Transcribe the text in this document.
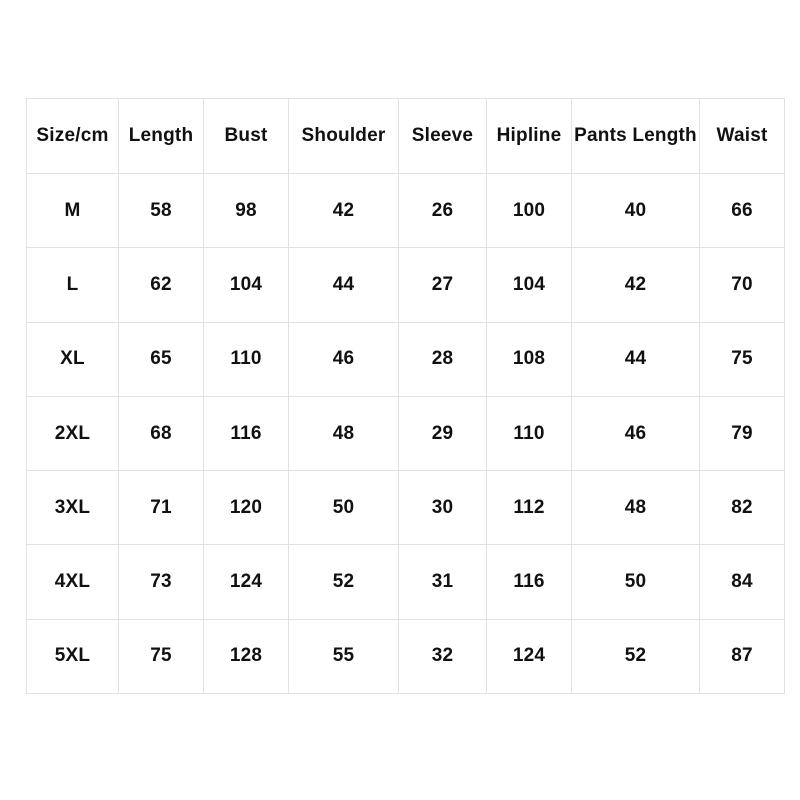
Size/cm	Length	Bust	Shoulder	Sleeve	Hipline	Pants Length	Waist
M	58	98	42	26	100	40	66
L	62	104	44	27	104	42	70
XL	65	110	46	28	108	44	75
2XL	68	116	48	29	110	46	79
3XL	71	120	50	30	112	48	82
4XL	73	124	52	31	116	50	84
5XL	75	128	55	32	124	52	87
